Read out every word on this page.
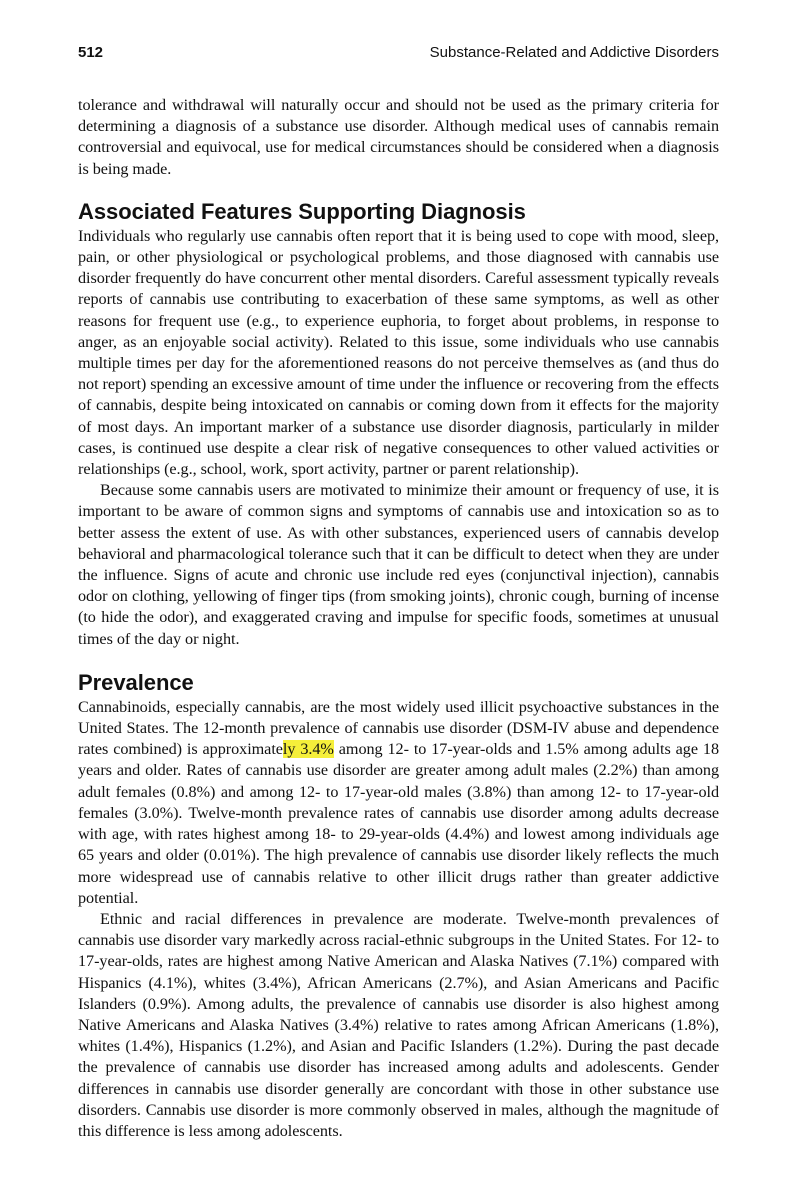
512	Substance-Related and Addictive Disorders

tolerance and withdrawal will naturally occur and should not be used as the primary criteria for determining a diagnosis of a substance use disorder. Although medical uses of cannabis remain controversial and equivocal, use for medical circumstances should be considered when a diagnosis is being made.

Associated Features Supporting Diagnosis

Individuals who regularly use cannabis often report that it is being used to cope with mood, sleep, pain, or other physiological or psychological problems, and those diagnosed with cannabis use disorder frequently do have concurrent other mental disorders. Careful assessment typically reveals reports of cannabis use contributing to exacerbation of these same symptoms, as well as other reasons for frequent use (e.g., to experience euphoria, to forget about problems, in response to anger, as an enjoyable social activity). Related to this issue, some individuals who use cannabis multiple times per day for the aforementioned reasons do not perceive themselves as (and thus do not report) spending an excessive amount of time under the influence or recovering from the effects of cannabis, despite being intoxicated on cannabis or coming down from it effects for the majority of most days. An important marker of a substance use disorder diagnosis, particularly in milder cases, is continued use despite a clear risk of negative consequences to other valued activities or relationships (e.g., school, work, sport activity, partner or parent relationship).

Because some cannabis users are motivated to minimize their amount or frequency of use, it is important to be aware of common signs and symptoms of cannabis use and intoxication so as to better assess the extent of use. As with other substances, experienced users of cannabis develop behavioral and pharmacological tolerance such that it can be difficult to detect when they are under the influence. Signs of acute and chronic use include red eyes (conjunctival injection), cannabis odor on clothing, yellowing of finger tips (from smoking joints), chronic cough, burning of incense (to hide the odor), and exaggerated craving and impulse for specific foods, sometimes at unusual times of the day or night.

Prevalence

Cannabinoids, especially cannabis, are the most widely used illicit psychoactive substances in the United States. The 12-month prevalence of cannabis use disorder (DSM-IV abuse and dependence rates combined) is approximately 3.4% among 12- to 17-year-olds and 1.5% among adults age 18 years and older. Rates of cannabis use disorder are greater among adult males (2.2%) than among adult females (0.8%) and among 12- to 17-year-old males (3.8%) than among 12- to 17-year-old females (3.0%). Twelve-month prevalence rates of cannabis use disorder among adults decrease with age, with rates highest among 18- to 29-year-olds (4.4%) and lowest among individuals age 65 years and older (0.01%). The high prevalence of cannabis use disorder likely reflects the much more widespread use of cannabis relative to other illicit drugs rather than greater addictive potential.

Ethnic and racial differences in prevalence are moderate. Twelve-month prevalences of cannabis use disorder vary markedly across racial-ethnic subgroups in the United States. For 12- to 17-year-olds, rates are highest among Native American and Alaska Natives (7.1%) compared with Hispanics (4.1%), whites (3.4%), African Americans (2.7%), and Asian Americans and Pacific Islanders (0.9%). Among adults, the prevalence of cannabis use disorder is also highest among Native Americans and Alaska Natives (3.4%) relative to rates among African Americans (1.8%), whites (1.4%), Hispanics (1.2%), and Asian and Pacific Islanders (1.2%). During the past decade the prevalence of cannabis use disorder has increased among adults and adolescents. Gender differences in cannabis use disorder generally are concordant with those in other substance use disorders. Cannabis use disorder is more commonly observed in males, although the magnitude of this difference is less among adolescents.
